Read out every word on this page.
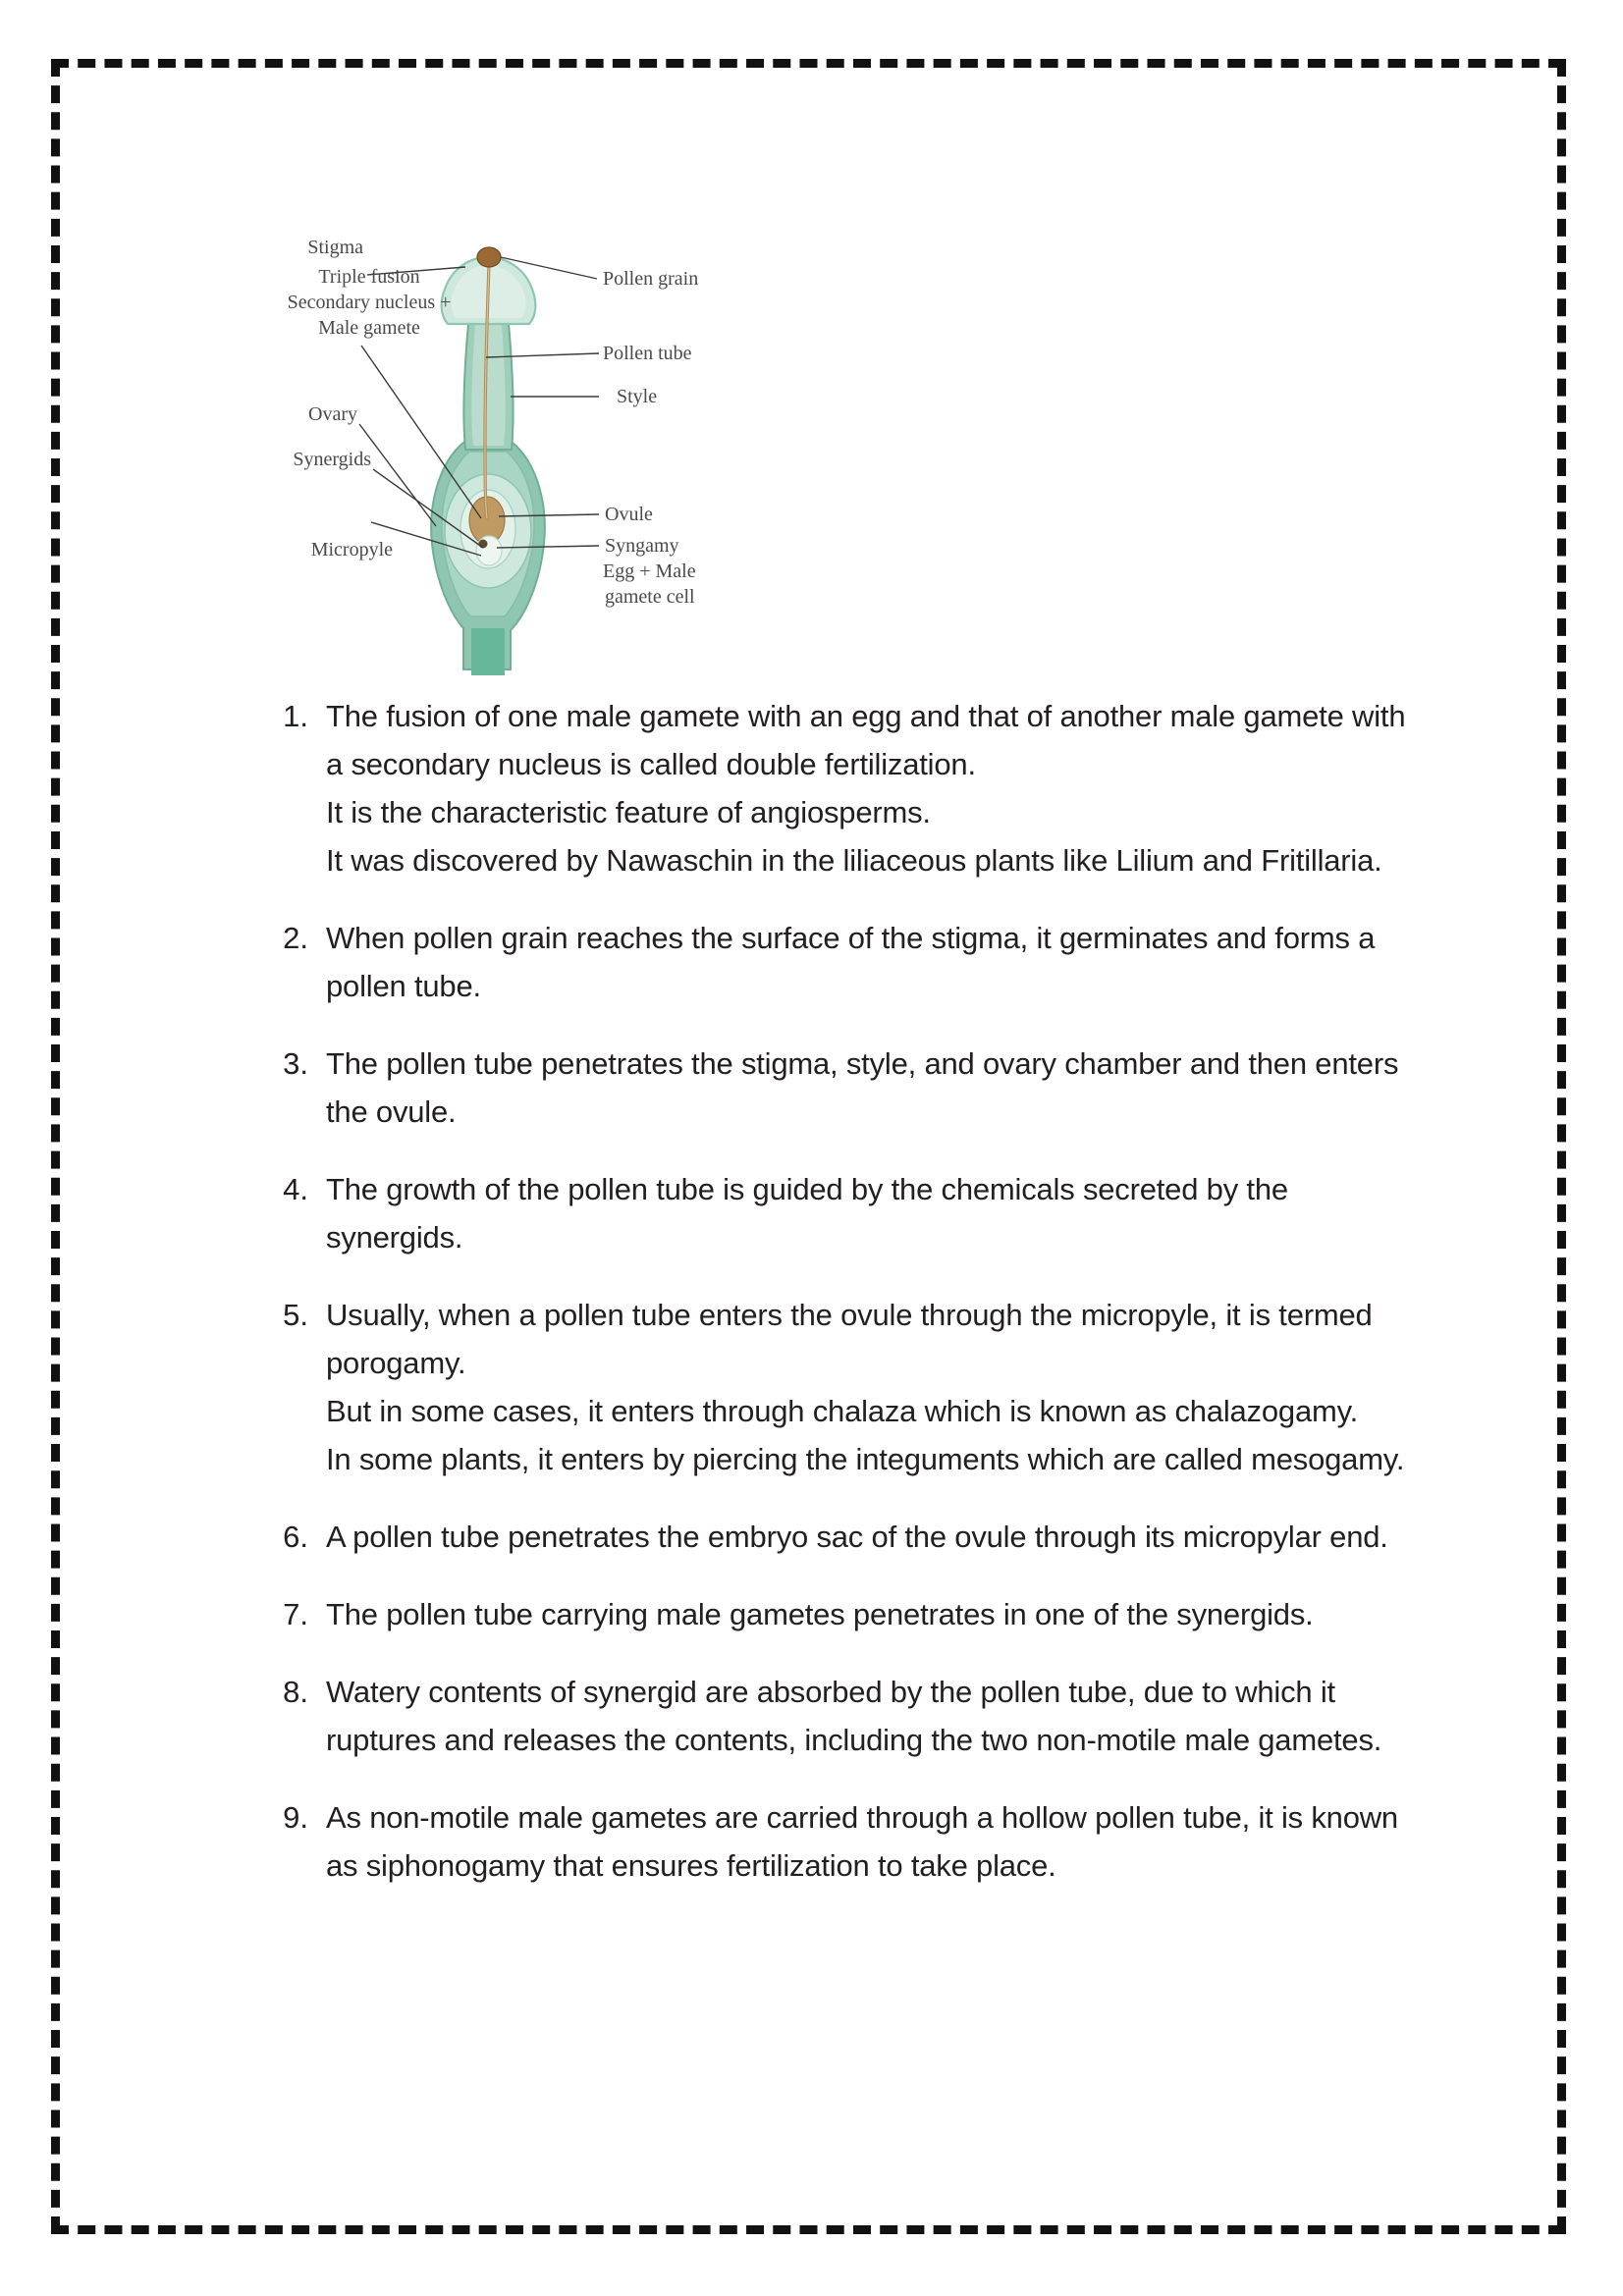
Stigma
Triple fusion
Secondary nucleus +
Male gamete
Ovary
Synergids
Micropyle
Pollen grain
Pollen tube
Style
Ovule
Syngamy
Egg + Male
gamete cell
1. The fusion of one male gamete with an egg and that of another male gamete with a secondary nucleus is called double fertilization.
It is the characteristic feature of angiosperms.
It was discovered by Nawaschin in the liliaceous plants like Lilium and Fritillaria.
2. When pollen grain reaches the surface of the stigma, it germinates and forms a pollen tube.
3. The pollen tube penetrates the stigma, style, and ovary chamber and then enters the ovule.
4. The growth of the pollen tube is guided by the chemicals secreted by the synergids.
5. Usually, when a pollen tube enters the ovule through the micropyle, it is termed porogamy.
But in some cases, it enters through chalaza which is known as chalazogamy.
In some plants, it enters by piercing the integuments which are called mesogamy.
6. A pollen tube penetrates the embryo sac of the ovule through its micropylar end.
7. The pollen tube carrying male gametes penetrates in one of the synergids.
8. Watery contents of synergid are absorbed by the pollen tube, due to which it ruptures and releases the contents, including the two non-motile male gametes.
9. As non-motile male gametes are carried through a hollow pollen tube, it is known as siphonogamy that ensures fertilization to take place.
